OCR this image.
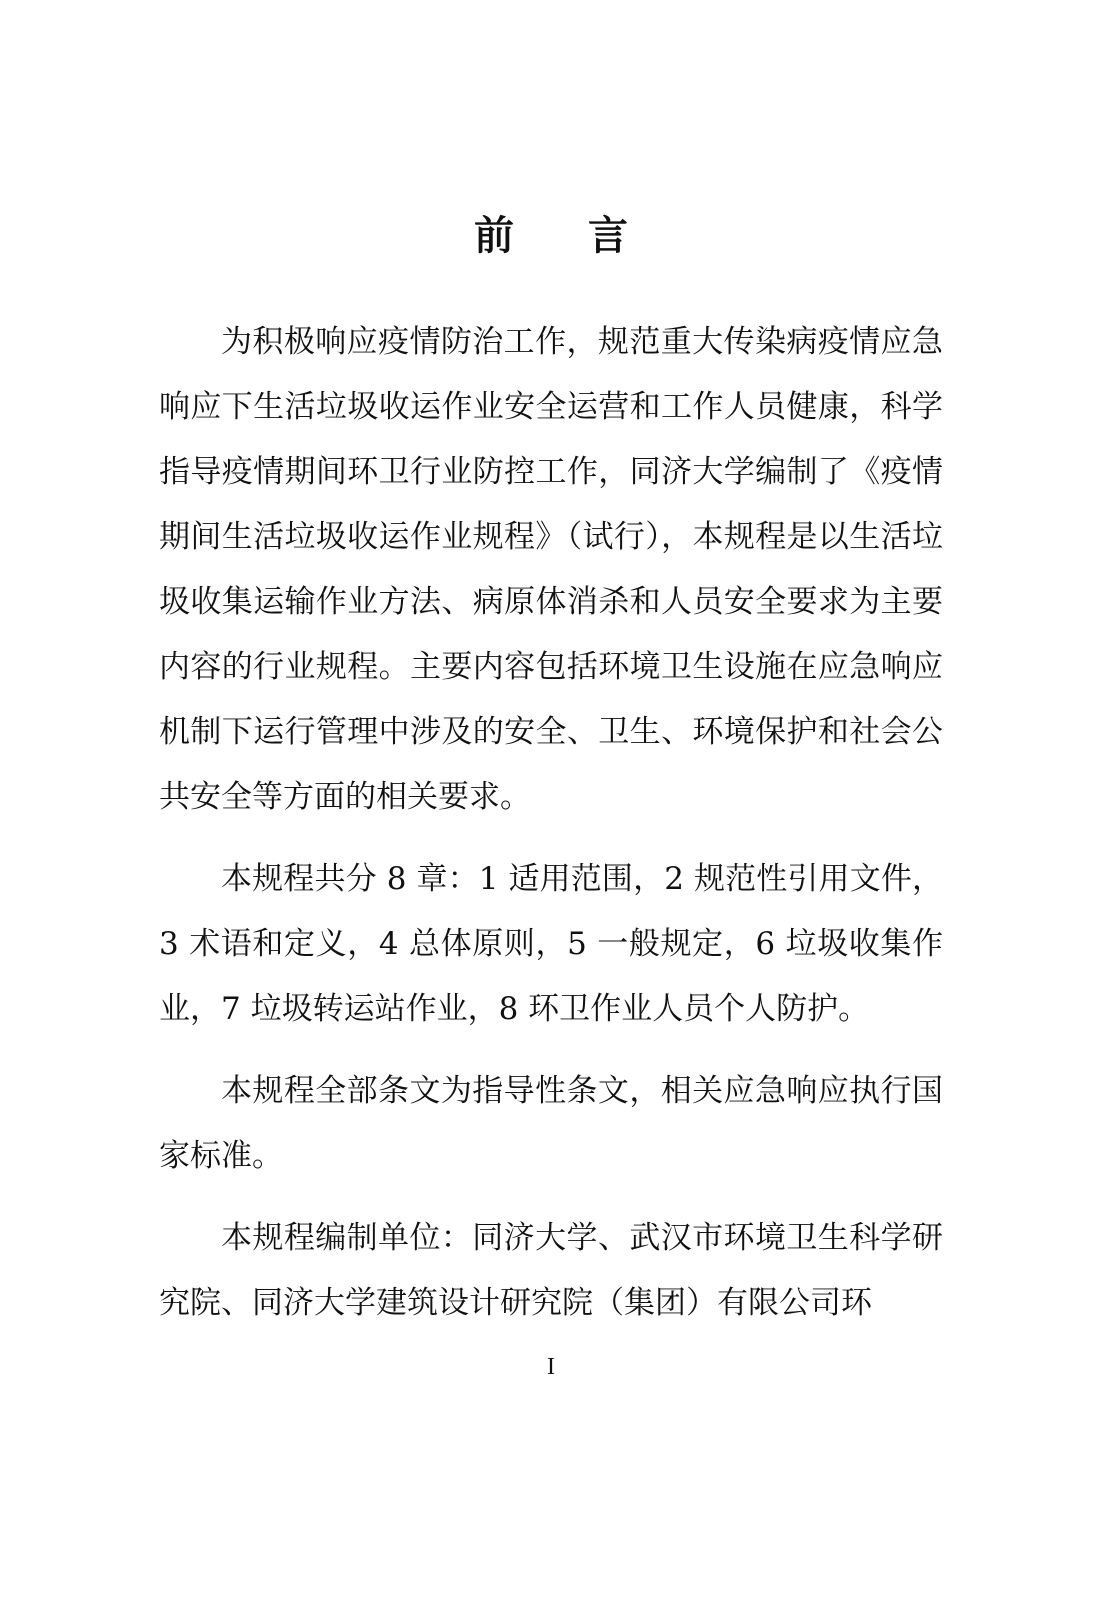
前 言

为积极响应疫情防治工作，规范重大传染病疫情应急响应下生活垃圾收运作业安全运营和工作人员健康，科学指导疫情期间环卫行业防控工作，同济大学编制了《疫情期间生活垃圾收运作业规程》（试行），本规程是以生活垃圾收集运输作业方法、病原体消杀和人员安全要求为主要内容的行业规程。主要内容包括环境卫生设施在应急响应机制下运行管理中涉及的安全、卫生、环境保护和社会公共安全等方面的相关要求。

本规程共分 8 章：1 适用范围，2 规范性引用文件，3 术语和定义，4 总体原则，5 一般规定，6 垃圾收集作业，7 垃圾转运站作业，8 环卫作业人员个人防护。

本规程全部条文为指导性条文，相关应急响应执行国家标准。

本规程编制单位：同济大学、武汉市环境卫生科学研究院、同济大学建筑设计研究院（集团）有限公司环

I
